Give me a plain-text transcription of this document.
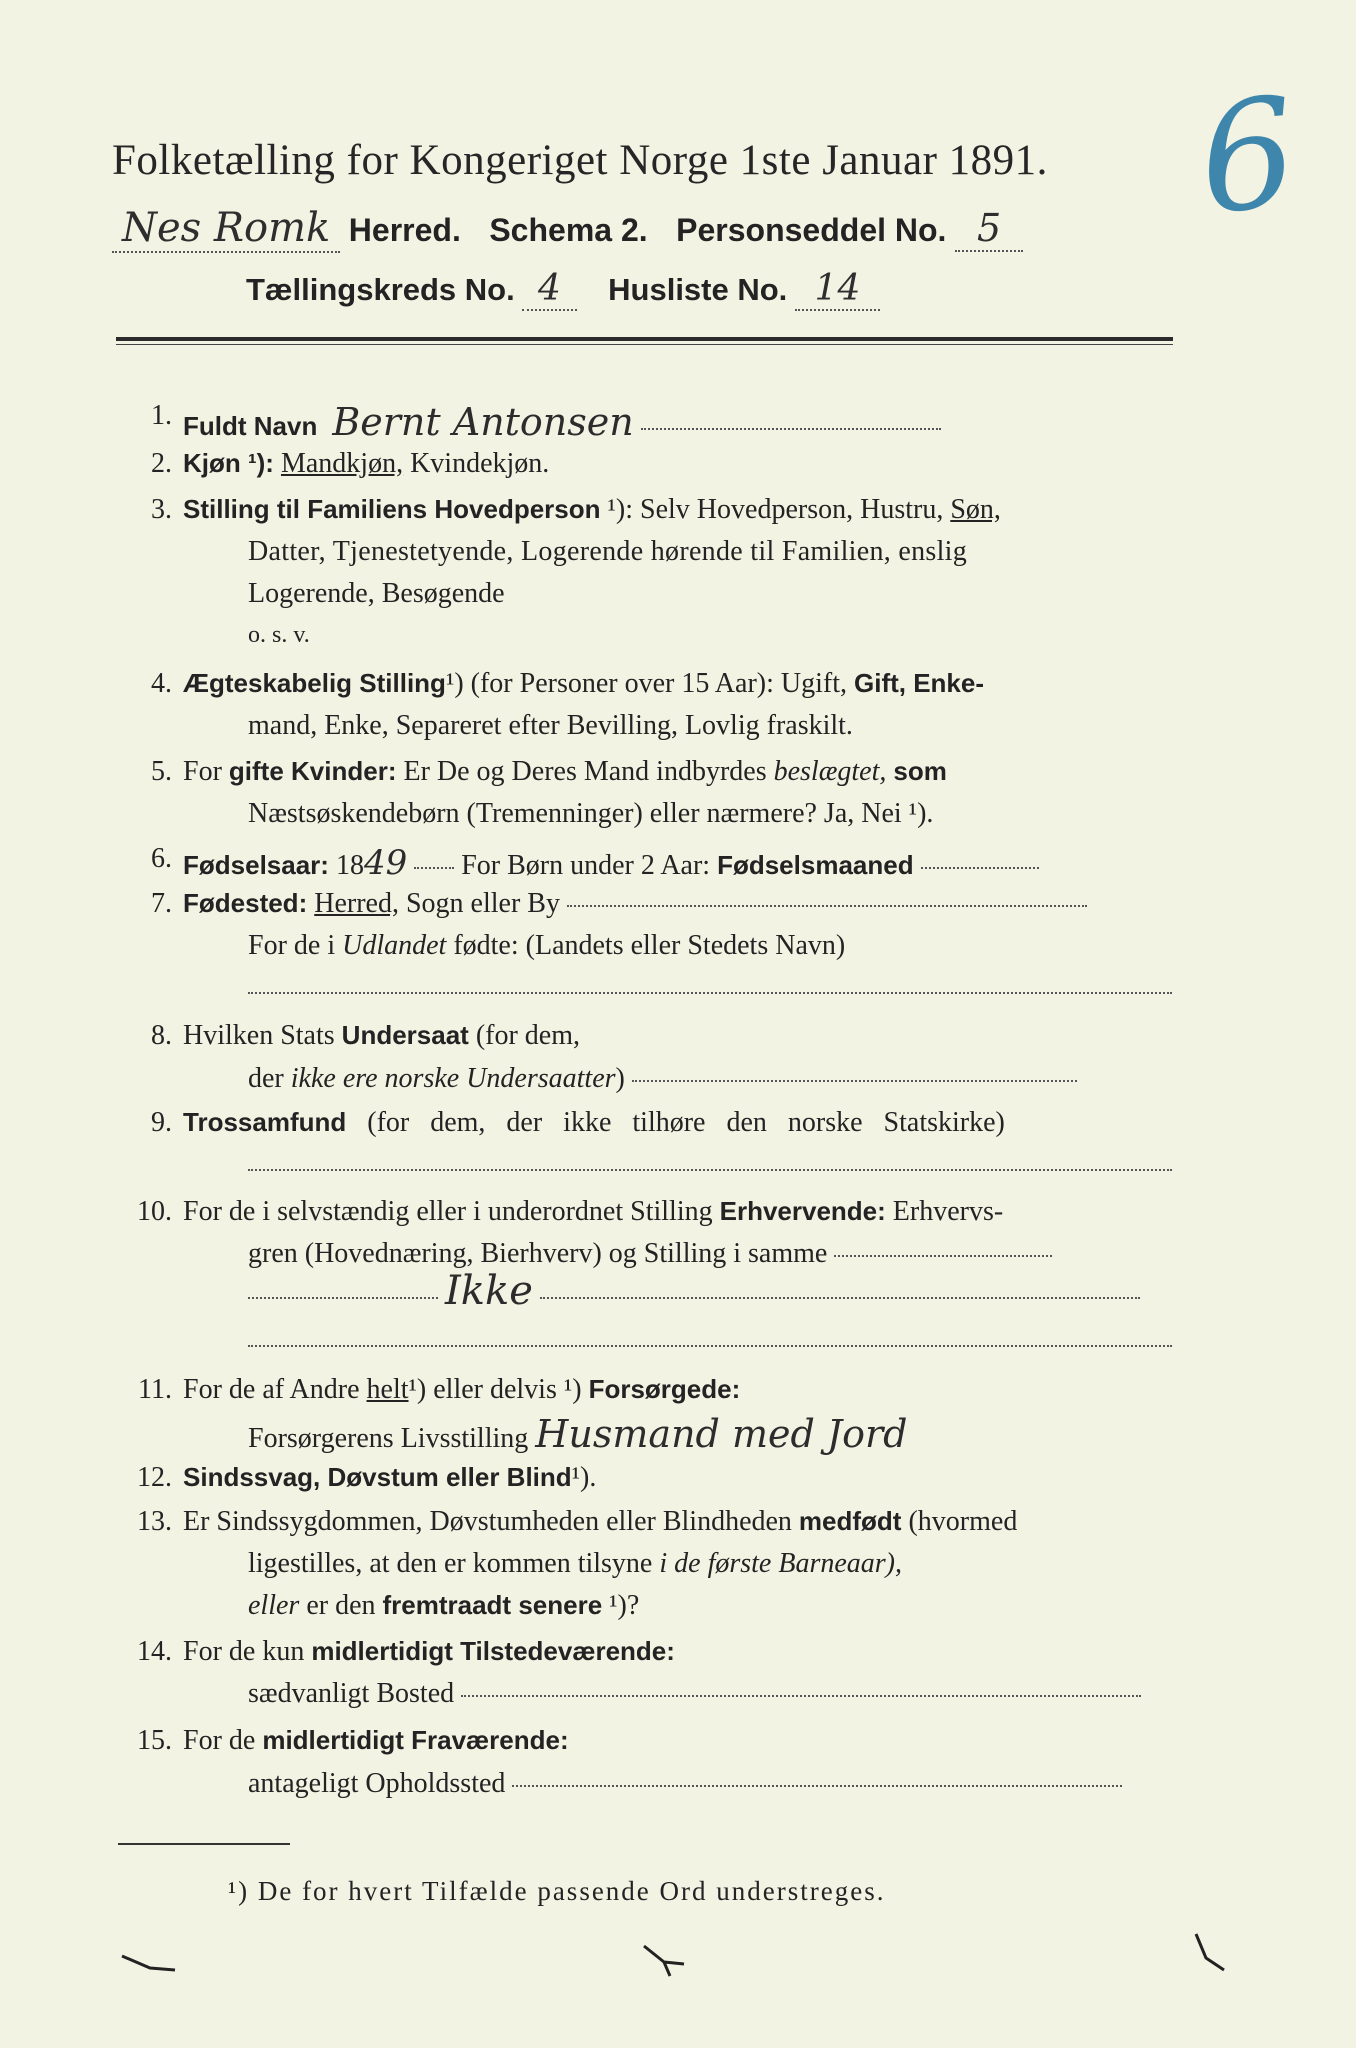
Folketælling for Kongeriget Norge 1ste Januar 1891. 6
Nes Romk Herred. Schema 2. Personseddel No. 5
Tællingskreds No. 4 Husliste No. 14
1. Fuldt Navn Bernt Antonsen
2. Kjøn ¹): Mandkjøn, Kvindekjøn.
3. Stilling til Familiens Hovedperson ¹): Selv Hovedperson, Hustru, Søn,
Datter, Tjenestetyende, Logerende hørende til Familien, enslig
Logerende, Besøgende
o. s. v.
4. Ægteskabelig Stilling¹) (for Personer over 15 Aar): Ugift, Gift, Enke-
mand, Enke, Separeret efter Bevilling, Lovlig fraskilt.
5. For gifte Kvinder: Er De og Deres Mand indbyrdes beslægtet, som
Næstsøskendebørn (Tremenninger) eller nærmere? Ja, Nei ¹).
6. Fødselsaar: 1849 For Børn under 2 Aar: Fødselsmaaned
7. Fødested: Herred, Sogn eller By
For de i Udlandet fødte: (Landets eller Stedets Navn)
8. Hvilken Stats Undersaat (for dem,
der ikke ere norske Undersaatter)
9. Trossamfund (for dem, der ikke tilhøre den norske Statskirke)
10. For de i selvstændig eller i underordnet Stilling Erhvervende: Erhvervs-
gren (Hovednæring, Bierhverv) og Stilling i samme
Ikke
11. For de af Andre helt¹) eller delvis ¹) Forsørgede:
Forsørgerens Livsstilling Husmand med Jord
12. Sindssvag, Døvstum eller Blind¹).
13. Er Sindssygdommen, Døvstumheden eller Blindheden medfødt (hvormed
ligestilles, at den er kommen tilsyne i de første Barneaar),
eller er den fremtraadt senere ¹)?
14. For de kun midlertidigt Tilstedeværende:
sædvanligt Bosted
15. For de midlertidigt Fraværende:
antageligt Opholdssted
¹) De for hvert Tilfælde passende Ord understreges.
